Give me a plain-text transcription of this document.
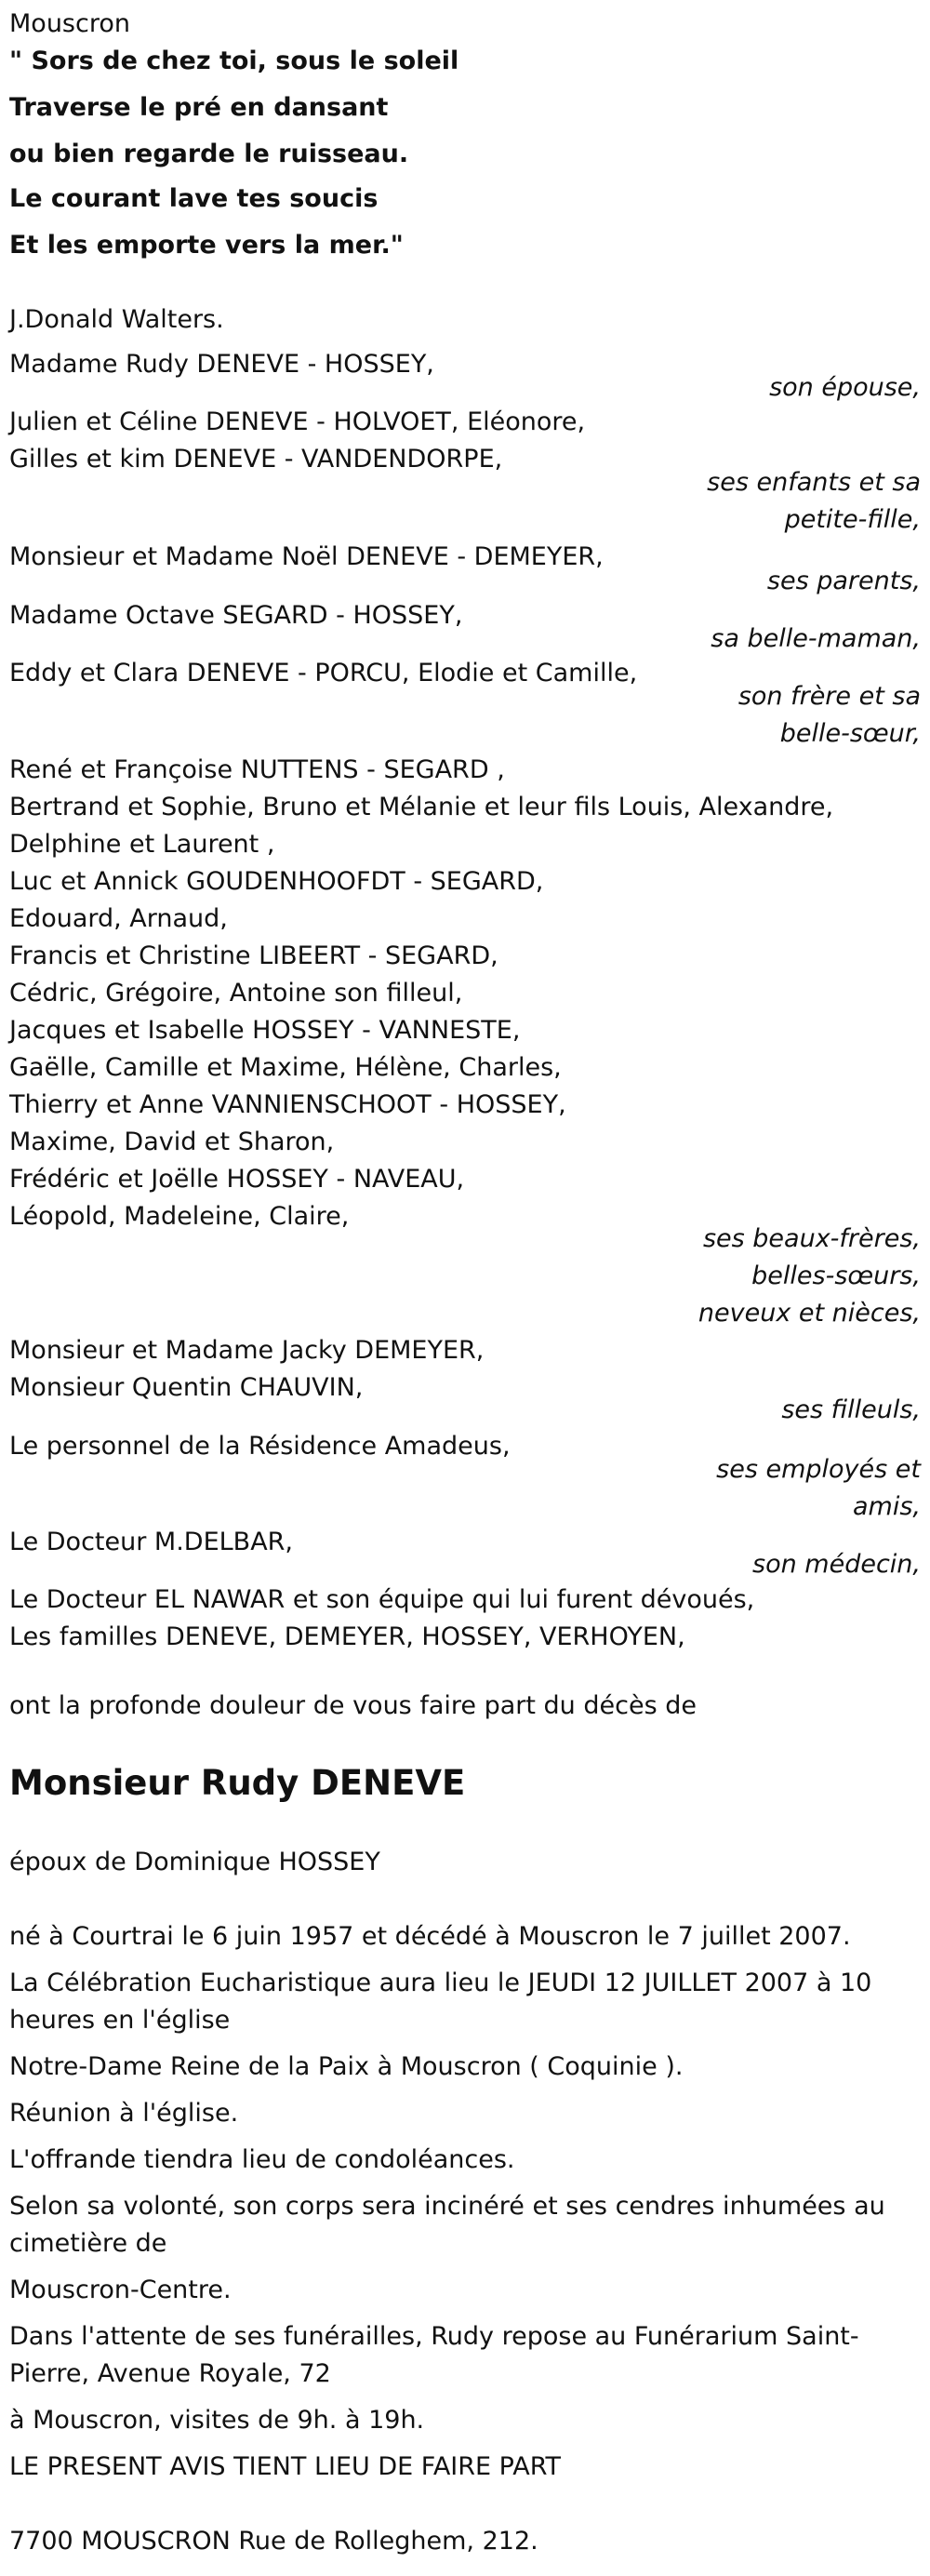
Mouscron
" Sors de chez toi, sous le soleil
Traverse le pré en dansant
ou bien regarde le ruisseau.
Le courant lave tes soucis
Et les emporte vers la mer."
J.Donald Walters.
Madame Rudy DENEVE - HOSSEY,
son épouse,
Julien et Céline DENEVE - HOLVOET, Eléonore,
Gilles et kim DENEVE - VANDENDORPE,
ses enfants et sa
petite-fille,
Monsieur et Madame Noël DENEVE - DEMEYER,
ses parents,
Madame Octave SEGARD - HOSSEY,
sa belle-maman,
Eddy et Clara DENEVE - PORCU, Elodie et Camille,
son frère et sa
belle-sœur,
René et Françoise NUTTENS - SEGARD ,
Bertrand et Sophie, Bruno et Mélanie et leur fils Louis, Alexandre,
Delphine et Laurent ,
Luc et Annick GOUDENHOOFDT - SEGARD,
Edouard, Arnaud,
Francis et Christine LIBEERT - SEGARD,
Cédric, Grégoire, Antoine son filleul,
Jacques et Isabelle HOSSEY - VANNESTE,
Gaëlle, Camille et Maxime, Hélène, Charles,
Thierry et Anne VANNIENSCHOOT - HOSSEY,
Maxime, David et Sharon,
Frédéric et Joëlle HOSSEY - NAVEAU,
Léopold, Madeleine, Claire,
ses beaux-frères,
belles-sœurs,
neveux et nièces,
Monsieur et Madame Jacky DEMEYER,
Monsieur Quentin CHAUVIN,
ses filleuls,
Le personnel de la Résidence Amadeus,
ses employés et
amis,
Le Docteur M.DELBAR,
son médecin,
Le Docteur EL NAWAR et son équipe qui lui furent dévoués,
Les familles DENEVE, DEMEYER, HOSSEY, VERHOYEN,
ont la profonde douleur de vous faire part du décès de
Monsieur Rudy DENEVE
époux de Dominique HOSSEY
né à Courtrai le 6 juin 1957 et décédé à Mouscron le 7 juillet 2007.
La Célébration Eucharistique aura lieu le JEUDI 12 JUILLET 2007 à 10
heures en l'église
Notre-Dame Reine de la Paix à Mouscron ( Coquinie ).
Réunion à l'église.
L'offrande tiendra lieu de condoléances.
Selon sa volonté, son corps sera incinéré et ses cendres inhumées au
cimetière de
Mouscron-Centre.
Dans l'attente de ses funérailles, Rudy repose au Funérarium Saint-
Pierre, Avenue Royale, 72
à Mouscron, visites de 9h. à 19h.
LE PRESENT AVIS TIENT LIEU DE FAIRE PART
7700 MOUSCRON Rue de Rolleghem, 212.
